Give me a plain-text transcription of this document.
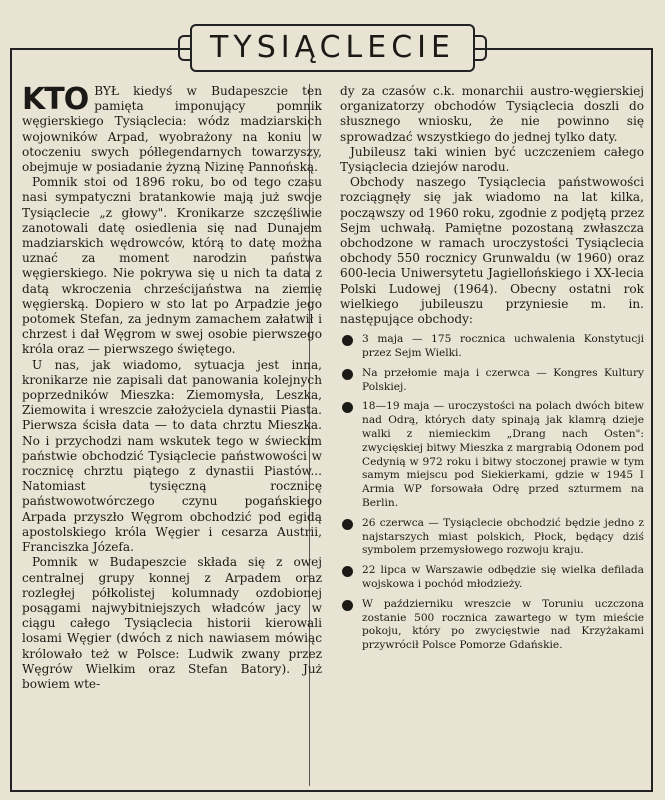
TYSIĄCLECIE

KTO BYŁ kiedyś w Budapeszcie ten pamięta imponujący pomnik węgierskiego Tysiąclecia: wódz madziarskich wojowników Arpad, wyobrażony na koniu w otoczeniu swych półlegendarnych towarzyszy, obejmuje w posiadanie żyzną Nizinę Pannońską.

Pomnik stoi od 1896 roku, bo od tego czasu nasi sympatyczni bratankowie mają już swoje Tysiąclecie „z głowy". Kronikarze szczęśliwie zanotowali datę osiedlenia się nad Dunajem madziarskich wędrowców, którą to datę można uznać za moment narodzin państwa węgierskiego. Nie pokrywa się u nich ta data z datą wkroczenia chrześcijaństwa na ziemię węgierską. Dopiero w sto lat po Arpadzie jego potomek Stefan, za jednym zamachem załatwił i chrzest i dał Węgrom w swej osobie pierwszego króla oraz — pierwszego świętego.

U nas, jak wiadomo, sytuacja jest inna, kronikarze nie zapisali dat panowania kolejnych poprzedników Mieszka: Ziemomysła, Leszka, Ziemowita i wreszcie założyciela dynastii Piasta. Pierwsza ścisła data — to data chrztu Mieszka. No i przychodzi nam wskutek tego w świeckim państwie obchodzić Tysiąclecie państwowości w rocznicę chrztu piątego z dynastii Piastów... Natomiast tysięczną rocznicę państwowotwórczego czynu pogańskiego Arpada przyszło Węgrom obchodzić pod egidą apostolskiego króla Węgier i cesarza Austrii, Franciszka Józefa.

Pomnik w Budapeszcie składa się z owej centralnej grupy konnej z Arpadem oraz rozległej półkolistej kolumnady ozdobionej posągami najwybitniejszych władców jacy w ciągu całego Tysiąclecia historii kierowali losami Węgier (dwóch z nich nawiasem mówiąc królowało też w Polsce: Ludwik zwany przez Węgrów Wielkim oraz Stefan Batory). Już bowiem wte-

dy za czasów c.k. monarchii austro-węgierskiej organizatorzy obchodów Tysiąclecia doszli do słusznego wniosku, że nie powinno się sprowadzać wszystkiego do jednej tylko daty.

Jubileusz taki winien być uczczeniem całego Tysiąclecia dziejów narodu.

Obchody naszego Tysiąclecia państwowości rozciągnęły się jak wiadomo na lat kilka, począwszy od 1960 roku, zgodnie z podjętą przez Sejm uchwałą. Pamiętne pozostaną zwłaszcza obchodzone w ramach uroczystości Tysiąclecia obchody 550 rocznicy Grunwaldu (w 1960) oraz 600-lecia Uniwersytetu Jagiellońskiego i XX-lecia Polski Ludowej (1964). Obecny ostatni rok wielkiego jubileuszu przyniesie m. in. następujące obchody:

3 maja — 175 rocznica uchwalenia Konstytucji przez Sejm Wielki.
Na przełomie maja i czerwca — Kongres Kultury Polskiej.
18—19 maja — uroczystości na polach dwóch bitew nad Odrą, których daty spinają jak klamrą dzieje walki z niemieckim „Drang nach Osten": zwycięskiej bitwy Mieszka z margrabią Odonem pod Cedynią w 972 roku i bitwy stoczonej prawie w tym samym miejscu pod Siekierkami, gdzie w 1945 I Armia WP forsowała Odrę przed szturmem na Berlin.
26 czerwca — Tysiąclecie obchodzić będzie jedno z najstarszych miast polskich, Płock, będący dziś symbolem przemysłowego rozwoju kraju.
22 lipca w Warszawie odbędzie się wielka defilada wojskowa i pochód młodzieży.
W październiku wreszcie w Toruniu uczczona zostanie 500 rocznica zawartego w tym mieście pokoju, który po zwycięstwie nad Krzyżakami przywrócił Polsce Pomorze Gdańskie.
